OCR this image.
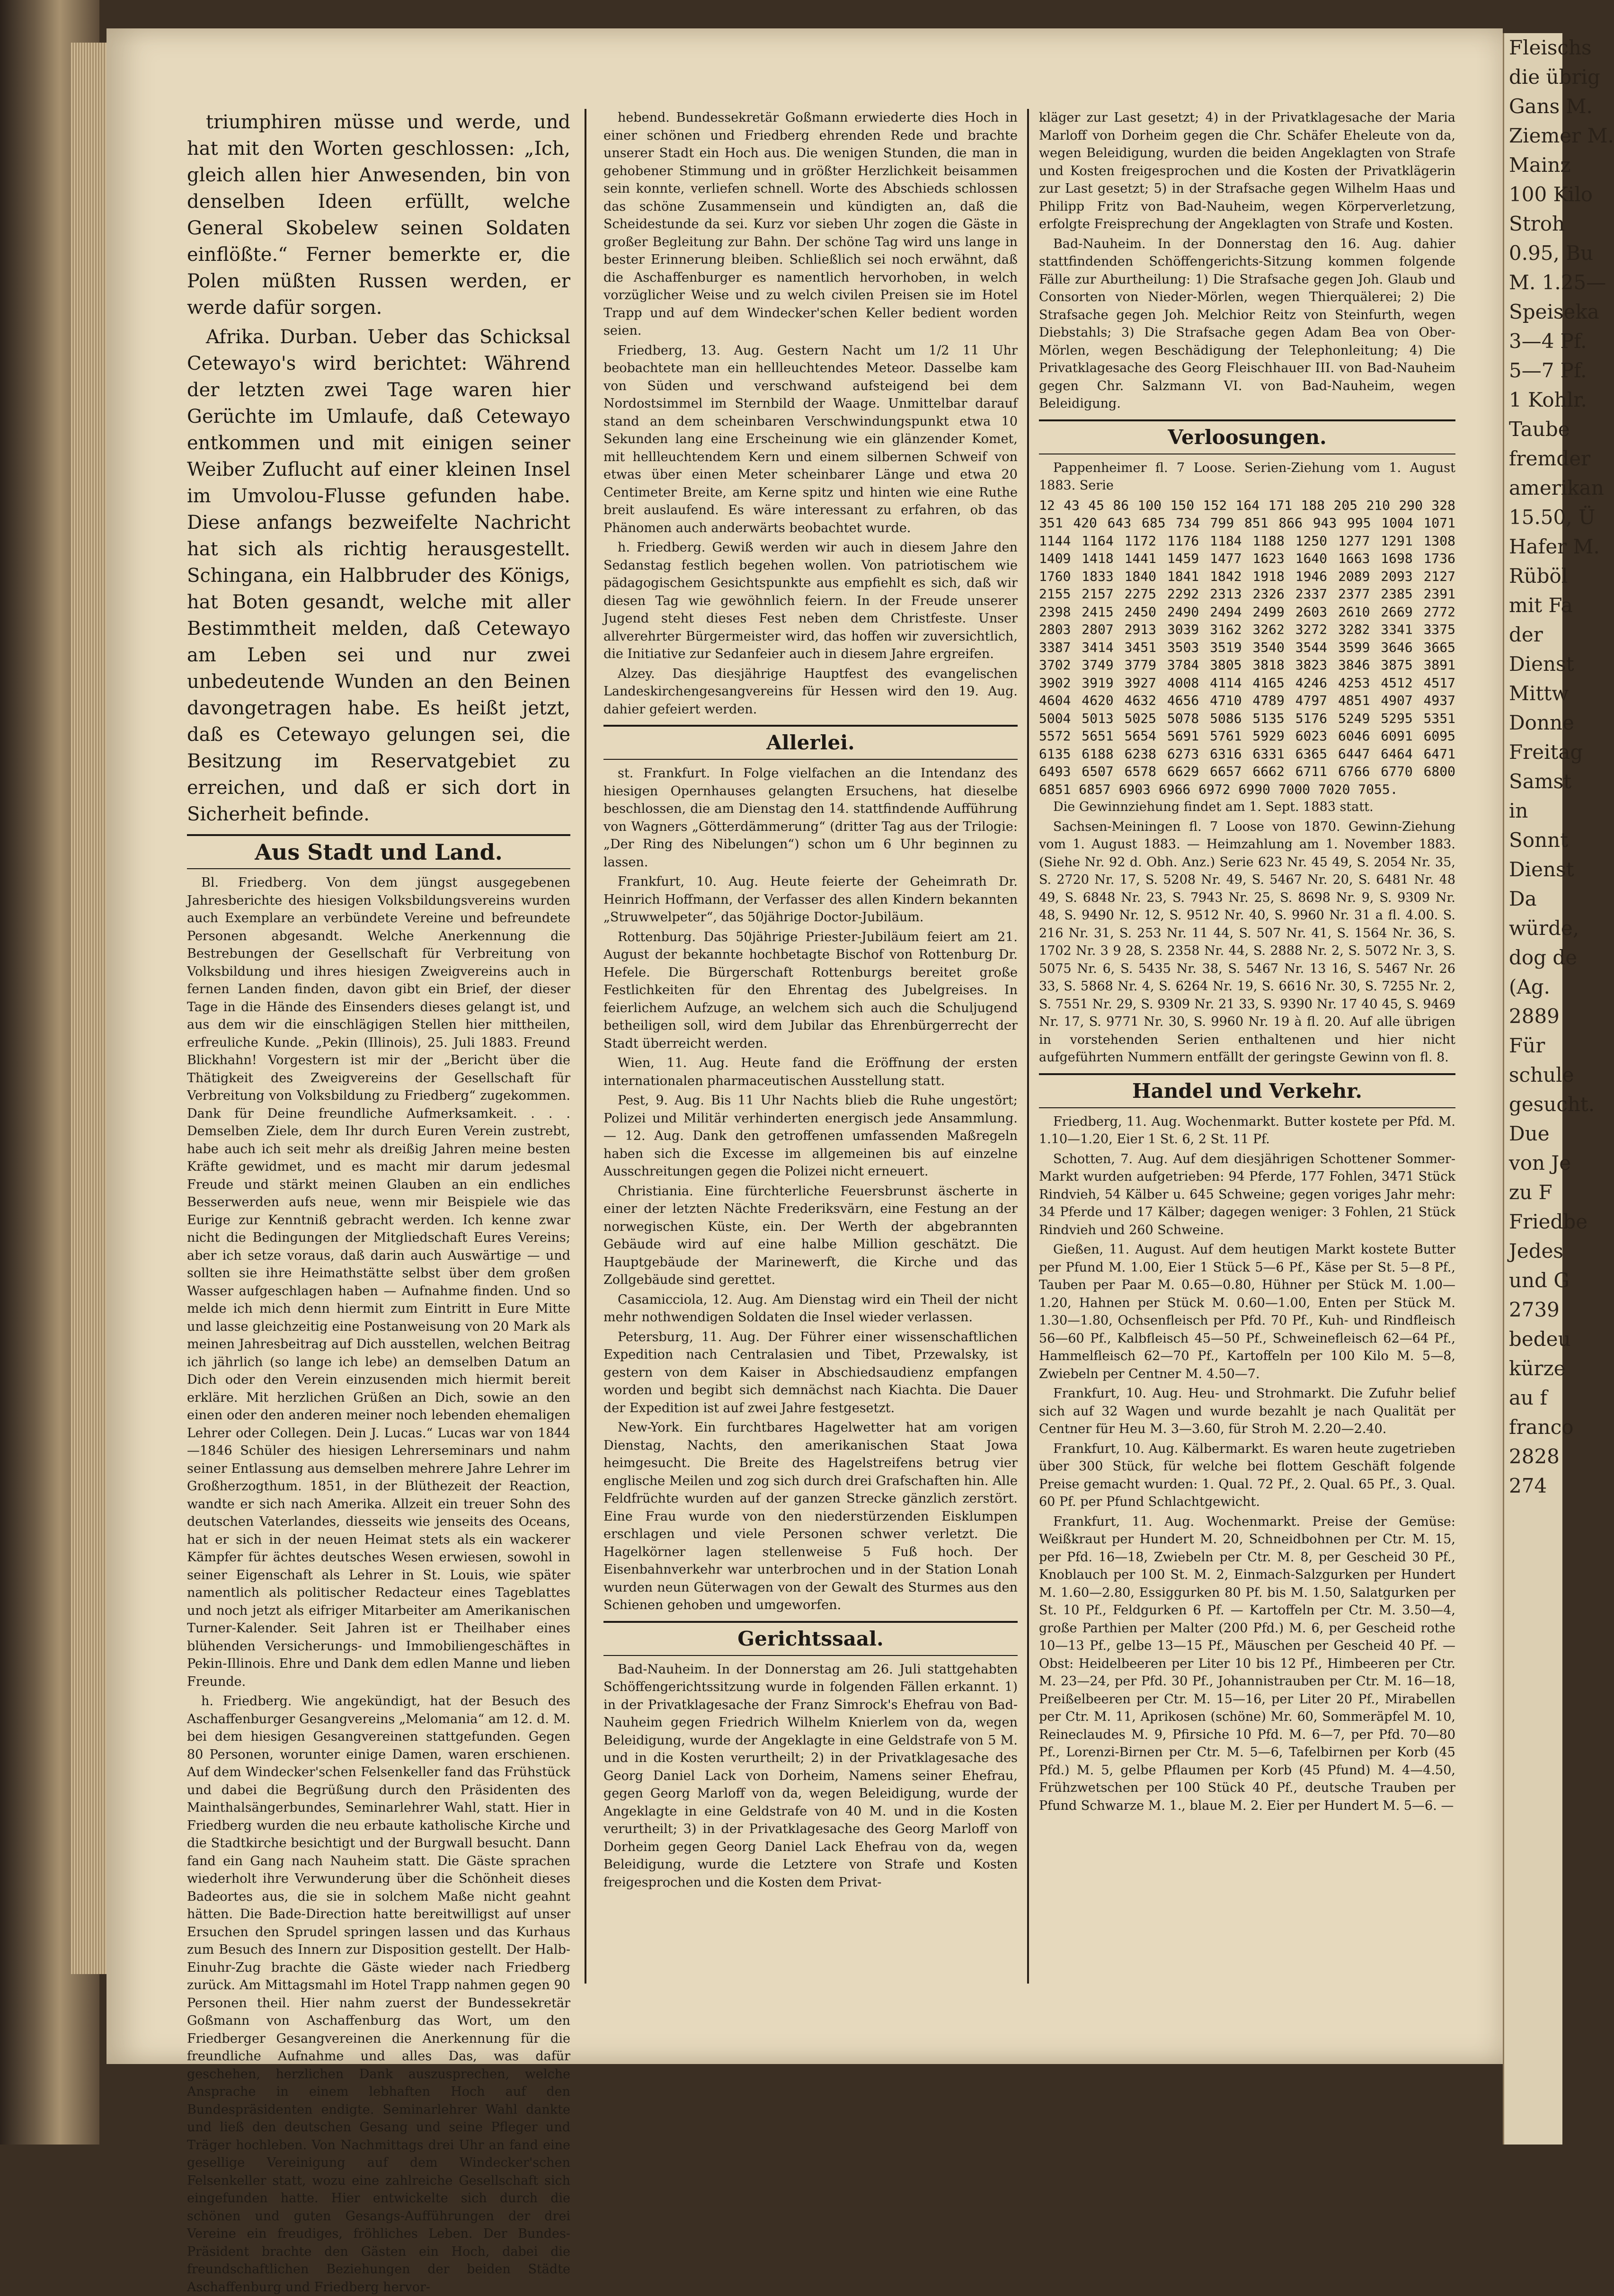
triumphiren müsse und werde, und hat mit den Worten geschlossen: „Ich, gleich allen hier Anwesenden, bin von denselben Ideen erfüllt, welche General Skobelew seinen Soldaten einflößte.“ Ferner bemerkte er, die Polen müßten Russen werden, er werde dafür sorgen.

Afrika. Durban. Ueber das Schicksal Cetewayo's wird berichtet: Während der letzten zwei Tage waren hier Gerüchte im Umlaufe, daß Cetewayo entkommen und mit einigen seiner Weiber Zuflucht auf einer kleinen Insel im Umvolou-Flusse gefunden habe. Diese anfangs bezweifelte Nachricht hat sich als richtig herausgestellt. Schingana, ein Halbbruder des Königs, hat Boten gesandt, welche mit aller Bestimmtheit melden, daß Cetewayo am Leben sei und nur zwei unbedeutende Wunden an den Beinen davongetragen habe. Es heißt jetzt, daß es Cetewayo gelungen sei, die Besitzung im Reservatgebiet zu erreichen, und daß er sich dort in Sicherheit befinde.

Aus Stadt und Land.

Bl. Friedberg. Von dem jüngst ausgegebenen Jahresberichte des hiesigen Volksbildungsvereins wurden auch Exemplare an verbündete Vereine und befreundete Personen abgesandt. Welche Anerkennung die Bestrebungen der Gesellschaft für Verbreitung von Volksbildung und ihres hiesigen Zweigvereins auch in fernen Landen finden, davon gibt ein Brief, der dieser Tage in die Hände des Einsenders dieses gelangt ist, und aus dem wir die einschlägigen Stellen hier mittheilen, erfreuliche Kunde. „Pekin (Illinois), 25. Juli 1883. Freund Blickhahn! Vorgestern ist mir der „Bericht über die Thätigkeit des Zweigvereins der Gesellschaft für Verbreitung von Volksbildung zu Friedberg“ zugekommen. Dank für Deine freundliche Aufmerksamkeit. . . . Demselben Ziele, dem Ihr durch Euren Verein zustrebt, habe auch ich seit mehr als dreißig Jahren meine besten Kräfte gewidmet, und es macht mir darum jedesmal Freude und stärkt meinen Glauben an ein endliches Besserwerden aufs neue, wenn mir Beispiele wie das Eurige zur Kenntniß gebracht werden. Ich kenne zwar nicht die Bedingungen der Mitgliedschaft Eures Vereins; aber ich setze voraus, daß darin auch Auswärtige — und sollten sie ihre Heimathstätte selbst über dem großen Wasser aufgeschlagen haben — Aufnahme finden. Und so melde ich mich denn hiermit zum Eintritt in Eure Mitte und lasse gleichzeitig eine Postanweisung von 20 Mark als meinen Jahresbeitrag auf Dich ausstellen, welchen Beitrag ich jährlich (so lange ich lebe) an demselben Datum an Dich oder den Verein einzusenden mich hiermit bereit erkläre. Mit herzlichen Grüßen an Dich, sowie an den einen oder den anderen meiner noch lebenden ehemaligen Lehrer oder Collegen. Dein J. Lucas.“ Lucas war von 1844—1846 Schüler des hiesigen Lehrerseminars und nahm seiner Entlassung aus demselben mehrere Jahre Lehrer im Großherzogthum. 1851, in der Blüthezeit der Reaction, wandte er sich nach Amerika. Allzeit ein treuer Sohn des deutschen Vaterlandes, diesseits wie jenseits des Oceans, hat er sich in der neuen Heimat stets als ein wackerer Kämpfer für ächtes deutsches Wesen erwiesen, sowohl in seiner Eigenschaft als Lehrer in St. Louis, wie später namentlich als politischer Redacteur eines Tageblattes und noch jetzt als eifriger Mitarbeiter am Amerikanischen Turner-Kalender. Seit Jahren ist er Theilhaber eines blühenden Versicherungs- und Immobiliengeschäftes in Pekin-Illinois. Ehre und Dank dem edlen Manne und lieben Freunde.

h. Friedberg. Wie angekündigt, hat der Besuch des Aschaffenburger Gesangvereins „Melomania“ am 12. d. M. bei dem hiesigen Gesangvereinen stattgefunden. Gegen 80 Personen, worunter einige Damen, waren erschienen. Auf dem Windecker'schen Felsenkeller fand das Frühstück und dabei die Begrüßung durch den Präsidenten des Mainthalsängerbundes, Seminarlehrer Wahl, statt. Hier in Friedberg wurden die neu erbaute katholische Kirche und die Stadtkirche besichtigt und der Burgwall besucht. Dann fand ein Gang nach Nauheim statt. Die Gäste sprachen wiederholt ihre Verwunderung über die Schönheit dieses Badeortes aus, die sie in solchem Maße nicht geahnt hätten. Die Bade-Direction hatte bereitwilligst auf unser Ersuchen den Sprudel springen lassen und das Kurhaus zum Besuch des Innern zur Disposition gestellt. Der Halb-Einuhr-Zug brachte die Gäste wieder nach Friedberg zurück. Am Mittagsmahl im Hotel Trapp nahmen gegen 90 Personen theil. Hier nahm zuerst der Bundessekretär Goßmann von Aschaffenburg das Wort, um den Friedberger Gesangvereinen die Anerkennung für die freundliche Aufnahme und alles Das, was dafür geschehen, herzlichen Dank auszusprechen, welche Ansprache in einem lebhaften Hoch auf den Bundespräsidenten endigte. Seminarlehrer Wahl dankte und ließ den deutschen Gesang und seine Pfleger und Träger hochleben. Von Nachmittags drei Uhr an fand eine gesellige Vereinigung auf dem Windecker'schen Felsenkeller statt, wozu eine zahlreiche Gesellschaft sich eingefunden hatte. Hier entwickelte sich durch die schönen und guten Gesangs-Aufführungen der drei Vereine ein freudiges, fröhliches Leben. Der Bundes-Präsident brachte den Gästen ein Hoch, dabei die freundschaftlichen Beziehungen der beiden Städte Aschaffenburg und Friedberg hervor-

hebend. Bundessekretär Goßmann erwiederte dies Hoch in einer schönen und Friedberg ehrenden Rede und brachte unserer Stadt ein Hoch aus. Die wenigen Stunden, die man in gehobener Stimmung und in größter Herzlichkeit beisammen sein konnte, verliefen schnell. Worte des Abschieds schlossen das schöne Zusammensein und kündigten an, daß die Scheidestunde da sei. Kurz vor sieben Uhr zogen die Gäste in großer Begleitung zur Bahn. Der schöne Tag wird uns lange in bester Erinnerung bleiben. Schließlich sei noch erwähnt, daß die Aschaffenburger es namentlich hervorhoben, in welch vorzüglicher Weise und zu welch civilen Preisen sie im Hotel Trapp und auf dem Windecker'schen Keller bedient worden seien.

Friedberg, 13. Aug. Gestern Nacht um 1/2 11 Uhr beobachtete man ein hellleuchtendes Meteor. Dasselbe kam von Süden und verschwand aufsteigend bei dem Nordostsimmel im Sternbild der Waage. Unmittelbar darauf stand an dem scheinbaren Verschwindungspunkt etwa 10 Sekunden lang eine Erscheinung wie ein glänzender Komet, mit hellleuchtendem Kern und einem silbernen Schweif von etwas über einen Meter scheinbarer Länge und etwa 20 Centimeter Breite, am Kerne spitz und hinten wie eine Ruthe breit auslaufend. Es wäre interessant zu erfahren, ob das Phänomen auch anderwärts beobachtet wurde.

h. Friedberg. Gewiß werden wir auch in diesem Jahre den Sedanstag festlich begehen wollen. Von patriotischem wie pädagogischem Gesichtspunkte aus empfiehlt es sich, daß wir diesen Tag wie gewöhnlich feiern. In der Freude unserer Jugend steht dieses Fest neben dem Christfeste. Unser allverehrter Bürgermeister wird, das hoffen wir zuversichtlich, die Initiative zur Sedanfeier auch in diesem Jahre ergreifen.

Alzey. Das diesjährige Hauptfest des evangelischen Landeskirchengesangvereins für Hessen wird den 19. Aug. dahier gefeiert werden.

Allerlei.

st. Frankfurt. In Folge vielfachen an die Intendanz des hiesigen Opernhauses gelangten Ersuchens, hat dieselbe beschlossen, die am Dienstag den 14. stattfindende Aufführung von Wagners „Götterdämmerung“ (dritter Tag aus der Trilogie: „Der Ring des Nibelungen“) schon um 6 Uhr beginnen zu lassen.

Frankfurt, 10. Aug. Heute feierte der Geheimrath Dr. Heinrich Hoffmann, der Verfasser des allen Kindern bekannten „Struwwelpeter“, das 50jährige Doctor-Jubiläum.

Rottenburg. Das 50jährige Priester-Jubiläum feiert am 21. August der bekannte hochbetagte Bischof von Rottenburg Dr. Hefele. Die Bürgerschaft Rottenburgs bereitet große Festlichkeiten für den Ehrentag des Jubelgreises. In feierlichem Aufzuge, an welchem sich auch die Schuljugend betheiligen soll, wird dem Jubilar das Ehrenbürgerrecht der Stadt überreicht werden.

Wien, 11. Aug. Heute fand die Eröffnung der ersten internationalen pharmaceutischen Ausstellung statt.

Pest, 9. Aug. Bis 11 Uhr Nachts blieb die Ruhe ungestört; Polizei und Militär verhinderten energisch jede Ansammlung. — 12. Aug. Dank den getroffenen umfassenden Maßregeln haben sich die Excesse im allgemeinen bis auf einzelne Ausschreitungen gegen die Polizei nicht erneuert.

Christiania. Eine fürchterliche Feuersbrunst äscherte in einer der letzten Nächte Frederiksvärn, eine Festung an der norwegischen Küste, ein. Der Werth der abgebrannten Gebäude wird auf eine halbe Million geschätzt. Die Hauptgebäude der Marinewerft, die Kirche und das Zollgebäude sind gerettet.

Casamicciola, 12. Aug. Am Dienstag wird ein Theil der nicht mehr nothwendigen Soldaten die Insel wieder verlassen.

Petersburg, 11. Aug. Der Führer einer wissenschaftlichen Expedition nach Centralasien und Tibet, Przewalsky, ist gestern von dem Kaiser in Abschiedsaudienz empfangen worden und begibt sich demnächst nach Kiachta. Die Dauer der Expedition ist auf zwei Jahre festgesetzt.

New-York. Ein furchtbares Hagelwetter hat am vorigen Dienstag, Nachts, den amerikanischen Staat Jowa heimgesucht. Die Breite des Hagelstreifens betrug vier englische Meilen und zog sich durch drei Grafschaften hin. Alle Feldfrüchte wurden auf der ganzen Strecke gänzlich zerstört. Eine Frau wurde von den niederstürzenden Eisklumpen erschlagen und viele Personen schwer verletzt. Die Hagelkörner lagen stellenweise 5 Fuß hoch. Der Eisenbahnverkehr war unterbrochen und in der Station Lonah wurden neun Güterwagen von der Gewalt des Sturmes aus den Schienen gehoben und umgeworfen.

Gerichtssaal.

Bad-Nauheim. In der Donnerstag am 26. Juli stattgehabten Schöffengerichtssitzung wurde in folgenden Fällen erkannt. 1) in der Privatklagesache der Franz Simrock's Ehefrau von Bad-Nauheim gegen Friedrich Wilhelm Knierlem von da, wegen Beleidigung, wurde der Angeklagte in eine Geldstrafe von 5 M. und in die Kosten verurtheilt; 2) in der Privatklagesache des Georg Daniel Lack von Dorheim, Namens seiner Ehefrau, gegen Georg Marloff von da, wegen Beleidigung, wurde der Angeklagte in eine Geldstrafe von 40 M. und in die Kosten verurtheilt; 3) in der Privatklagesache des Georg Marloff von Dorheim gegen Georg Daniel Lack Ehefrau von da, wegen Beleidigung, wurde die Letztere von Strafe und Kosten freigesprochen und die Kosten dem Privat-

kläger zur Last gesetzt; 4) in der Privatklagesache der Maria Marloff von Dorheim gegen die Chr. Schäfer Eheleute von da, wegen Beleidigung, wurden die beiden Angeklagten von Strafe und Kosten freigesprochen und die Kosten der Privatklägerin zur Last gesetzt; 5) in der Strafsache gegen Wilhelm Haas und Philipp Fritz von Bad-Nauheim, wegen Körperverletzung, erfolgte Freisprechung der Angeklagten von Strafe und Kosten.

Bad-Nauheim. In der Donnerstag den 16. Aug. dahier stattfindenden Schöffengerichts-Sitzung kommen folgende Fälle zur Aburtheilung: 1) Die Strafsache gegen Joh. Glaub und Consorten von Nieder-Mörlen, wegen Thierquälerei; 2) Die Strafsache gegen Joh. Melchior Reitz von Steinfurth, wegen Diebstahls; 3) Die Strafsache gegen Adam Bea von Ober-Mörlen, wegen Beschädigung der Telephonleitung; 4) Die Privatklagesache des Georg Fleischhauer III. von Bad-Nauheim gegen Chr. Salzmann VI. von Bad-Nauheim, wegen Beleidigung.

Verloosungen.

Pappenheimer fl. 7 Loose. Serien-Ziehung vom 1. August 1883. Serie

12 43 45 86 100 150 152 164 171 188 205 210 290 328 351 420 643 685 734 799 851 866 943 995 1004 1071 1144 1164 1172 1176 1184 1188 1250 1277 1291 1308 1409 1418 1441 1459 1477 1623 1640 1663 1698 1736 1760 1833 1840 1841 1842 1918 1946 2089 2093 2127 2155 2157 2275 2292 2313 2326 2337 2377 2385 2391 2398 2415 2450 2490 2494 2499 2603 2610 2669 2772 2803 2807 2913 3039 3162 3262 3272 3282 3341 3375 3387 3414 3451 3503 3519 3540 3544 3599 3646 3665 3702 3749 3779 3784 3805 3818 3823 3846 3875 3891 3902 3919 3927 4008 4114 4165 4246 4253 4512 4517 4604 4620 4632 4656 4710 4789 4797 4851 4907 4937 5004 5013 5025 5078 5086 5135 5176 5249 5295 5351 5572 5651 5654 5691 5761 5929 6023 6046 6091 6095 6135 6188 6238 6273 6316 6331 6365 6447 6464 6471 6493 6507 6578 6629 6657 6662 6711 6766 6770 6800 6851 6857 6903 6966 6972 6990 7000 7020 7055.

Die Gewinnziehung findet am 1. Sept. 1883 statt.

Sachsen-Meiningen fl. 7 Loose von 1870. Gewinn-Ziehung vom 1. August 1883. — Heimzahlung am 1. November 1883. (Siehe Nr. 92 d. Obh. Anz.) Serie 623 Nr. 45 49, S. 2054 Nr. 35, S. 2720 Nr. 17, S. 5208 Nr. 49, S. 5467 Nr. 20, S. 6481 Nr. 48 49, S. 6848 Nr. 23, S. 7943 Nr. 25, S. 8698 Nr. 9, S. 9309 Nr. 48, S. 9490 Nr. 12, S. 9512 Nr. 40, S. 9960 Nr. 31 a fl. 4.00. S. 216 Nr. 31, S. 253 Nr. 11 44, S. 507 Nr. 41, S. 1564 Nr. 36, S. 1702 Nr. 3 9 28, S. 2358 Nr. 44, S. 2888 Nr. 2, S. 5072 Nr. 3, S. 5075 Nr. 6, S. 5435 Nr. 38, S. 5467 Nr. 13 16, S. 5467 Nr. 26 33, S. 5868 Nr. 4, S. 6264 Nr. 19, S. 6616 Nr. 30, S. 7255 Nr. 2, S. 7551 Nr. 29, S. 9309 Nr. 21 33, S. 9390 Nr. 17 40 45, S. 9469 Nr. 17, S. 9771 Nr. 30, S. 9960 Nr. 19 à fl. 20. Auf alle übrigen in vorstehenden Serien enthaltenen und hier nicht aufgeführten Nummern entfällt der geringste Gewinn von fl. 8.

Handel und Verkehr.

Friedberg, 11. Aug. Wochenmarkt. Butter kostete per Pfd. M. 1.10—1.20, Eier 1 St. 6, 2 St. 11 Pf.

Schotten, 7. Aug. Auf dem diesjährigen Schottener Sommer-Markt wurden aufgetrieben: 94 Pferde, 177 Fohlen, 3471 Stück Rindvieh, 54 Kälber u. 645 Schweine; gegen voriges Jahr mehr: 34 Pferde und 17 Kälber; dagegen weniger: 3 Fohlen, 21 Stück Rindvieh und 260 Schweine.

Gießen, 11. August. Auf dem heutigen Markt kostete Butter per Pfund M. 1.00, Eier 1 Stück 5—6 Pf., Käse per St. 5—8 Pf., Tauben per Paar M. 0.65—0.80, Hühner per Stück M. 1.00—1.20, Hahnen per Stück M. 0.60—1.00, Enten per Stück M. 1.30—1.80, Ochsenfleisch per Pfd. 70 Pf., Kuh- und Rindfleisch 56—60 Pf., Kalbfleisch 45—50 Pf., Schweinefleisch 62—64 Pf., Hammelfleisch 62—70 Pf., Kartoffeln per 100 Kilo M. 5—8, Zwiebeln per Centner M. 4.50—7.

Frankfurt, 10. Aug. Heu- und Strohmarkt. Die Zufuhr belief sich auf 32 Wagen und wurde bezahlt je nach Qualität per Centner für Heu M. 3—3.60, für Stroh M. 2.20—2.40.

Frankfurt, 10. Aug. Kälbermarkt. Es waren heute zugetrieben über 300 Stück, für welche bei flottem Geschäft folgende Preise gemacht wurden: 1. Qual. 72 Pf., 2. Qual. 65 Pf., 3. Qual. 60 Pf. per Pfund Schlachtgewicht.

Frankfurt, 11. Aug. Wochenmarkt. Preise der Gemüse: Weißkraut per Hundert M. 20, Schneidbohnen per Ctr. M. 15, per Pfd. 16—18, Zwiebeln per Ctr. M. 8, per Gescheid 30 Pf., Knoblauch per 100 St. M. 2, Einmach-Salzgurken per Hundert M. 1.60—2.80, Essiggurken 80 Pf. bis M. 1.50, Salatgurken per St. 10 Pf., Feldgurken 6 Pf. — Kartoffeln per Ctr. M. 3.50—4, große Parthien per Malter (200 Pfd.) M. 6, per Gescheid rothe 10—13 Pf., gelbe 13—15 Pf., Mäuschen per Gescheid 40 Pf. — Obst: Heidelbeeren per Liter 10 bis 12 Pf., Himbeeren per Ctr. M. 23—24, per Pfd. 30 Pf., Johannistrauben per Ctr. M. 16—18, Preißelbeeren per Ctr. M. 15—16, per Liter 20 Pf., Mirabellen per Ctr. M. 11, Aprikosen (schöne) Mr. 60, Sommeräpfel M. 10, Reineclaudes M. 9, Pfirsiche 10 Pfd. M. 6—7, per Pfd. 70—80 Pf., Lorenzi-Birnen per Ctr. M. 5—6, Tafelbirnen per Korb (45 Pfd.) M. 5, gelbe Pflaumen per Korb (45 Pfund) M. 4—4.50, Frühzwetschen per 100 Stück 40 Pf., deutsche Trauben per Pfund Schwarze M. 1., blaue M. 2. Eier per Hundert M. 5—6. —

Fleischs
die übrig
Gans M.
Ziemer M.
Mainz
100 Kilo
Stroh
0.95, Bu
M. 1.25—
Speiseka
3—4 Pf.
5—7 Pf.
1 Kohlr.
Taube
fremder
amerikan
15.50, Ü
Hafer M.
Rüböl
mit Fa
der
Dienst
Mittw
Donne
Freitag
Samst
in
Sonnt
Dienst
Da
würde,
dog de
(Ag.
2889
Für
schule
gesucht.
Due
von Je
zu F
Friedbe
Jedes
und G
2739
bedeu
kürze
au f
franco
2828
274
